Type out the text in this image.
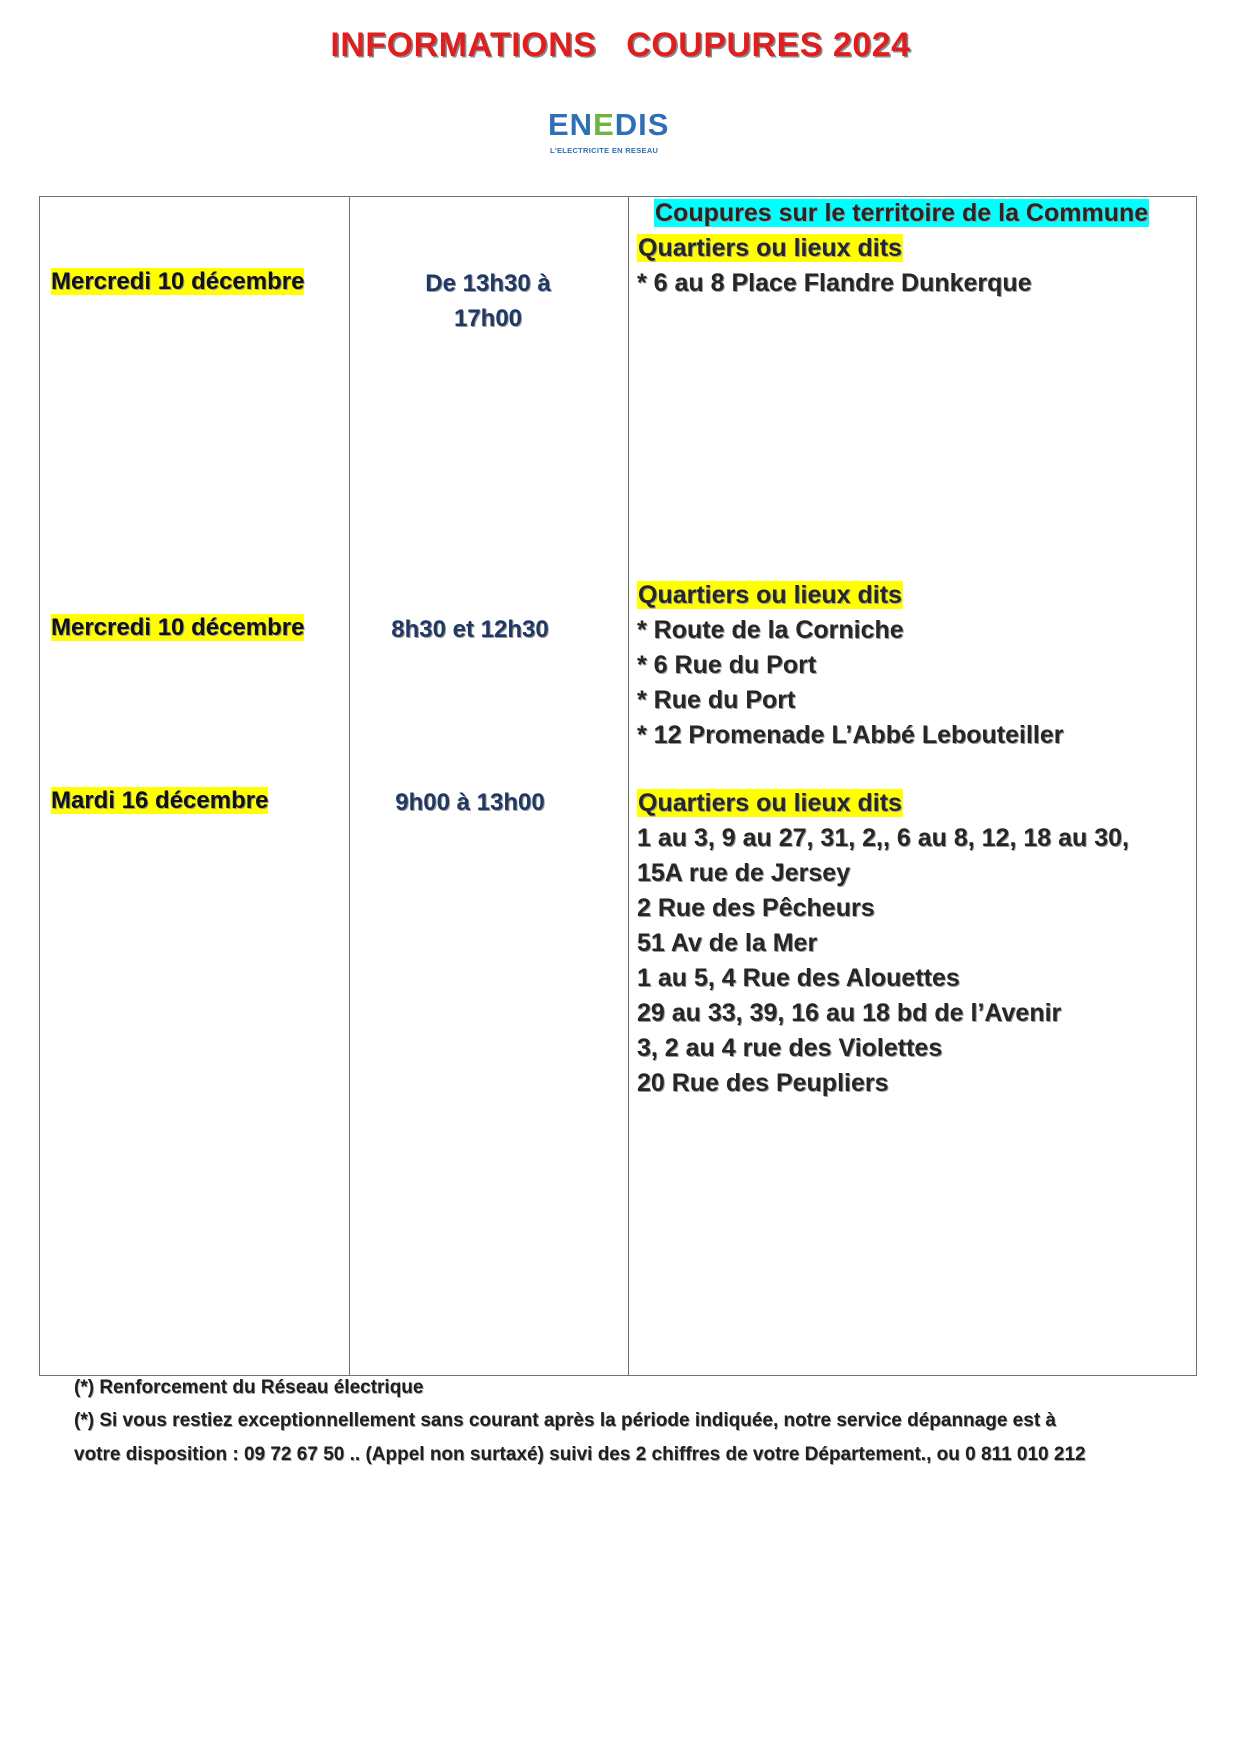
INFORMATIONS   COUPURES 2024
ENEDIS
L'ELECTRICITE EN RESEAU
Coupures sur le territoire de la Commune
Mercredi 10 décembre	De 13h30 à
17h00
Quartiers ou lieux dits
* 6 au 8 Place Flandre Dunkerque
Mercredi 10 décembre	8h30 et 12h30
Quartiers ou lieux dits
* Route de la Corniche
* 6 Rue du Port
* Rue du Port
* 12 Promenade L’Abbé Lebouteiller
Mardi 16 décembre	9h00 à 13h00	Quartiers ou lieux dits
1 au 3, 9 au 27, 31, 2,, 6 au 8, 12, 18 au 30,
15A rue de Jersey
2 Rue des Pêcheurs
51 Av de la Mer
1 au 5, 4 Rue des Alouettes
29 au 33, 39, 16 au 18 bd de l’Avenir
3, 2 au 4 rue des Violettes
20 Rue des Peupliers
(*) Renforcement du Réseau électrique
(*) Si vous restiez exceptionnellement sans courant après la période indiquée, notre service dépannage est à
votre disposition : 09 72 67 50 .. (Appel non surtaxé) suivi des 2 chiffres de votre Département., ou 0 811 010 212
